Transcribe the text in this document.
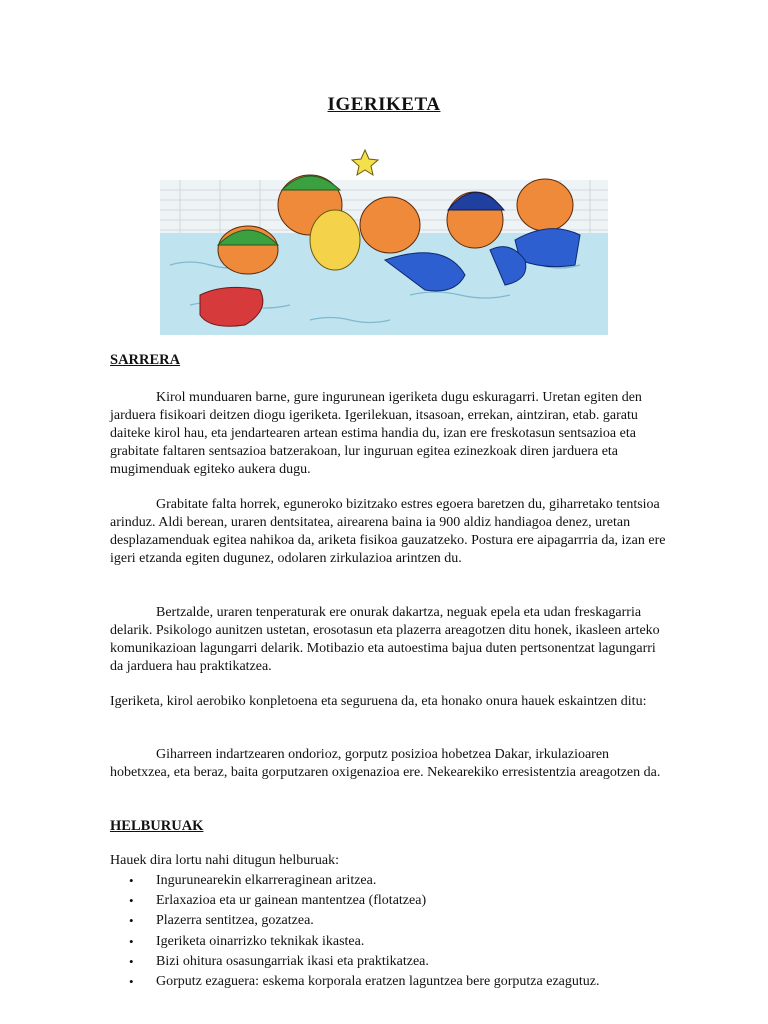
IGERIKETA
SARRERA
Kirol munduaren barne, gure ingurunean igeriketa dugu eskuragarri. Uretan egiten den jarduera fisikoari deitzen diogu igeriketa. Igerilekuan, itsasoan, errekan, aintziran, etab. garatu daiteke kirol hau, eta jendartearen artean estima handia du, izan ere freskotasun sentsazioa eta grabitate faltaren sentsazioa batzerakoan, lur inguruan egitea ezinezkoak diren jarduera eta mugimenduak egiteko aukera dugu.
Grabitate falta horrek, eguneroko bizitzako estres egoera baretzen du, giharretako tentsioa arinduz. Aldi berean, uraren dentsitatea, airearena baina ia 900 aldiz handiagoa denez, uretan desplazamenduak egitea nahikoa da, ariketa fisikoa gauzatzeko. Postura ere aipagarrria da, izan ere igeri etzanda egiten dugunez, odolaren zirkulazioa arintzen du.
Bertzalde, uraren tenperaturak ere onurak dakartza, neguak epela eta udan freskagarria delarik. Psikologo aunitzen ustetan, erosotasun eta plazerra areagotzen ditu honek, ikasleen arteko komunikazioan lagungarri delarik. Motibazio eta autoestima bajua duten pertsonentzat lagungarri da jarduera hau praktikatzea.
Igeriketa, kirol aerobiko konpletoena eta seguruena da, eta honako onura hauek eskaintzen ditu:
Giharreen indartzearen ondorioz, gorputz posizioa hobetzea Dakar, irkulazioaren hobetxzea, eta beraz, baita gorputzaren oxigenazioa ere. Nekearekiko erresistentzia areagotzen da.
HELBURUAK
Hauek dira lortu nahi ditugun helburuak:
• Ingurunearekin elkarreraginean aritzea.
• Erlaxazioa eta ur gainean mantentzea (flotatzea)
• Plazerra sentitzea, gozatzea.
• Igeriketa oinarrizko teknikak ikastea.
• Bizi ohitura osasungarriak ikasi eta praktikatzea.
• Gorputz ezaguera: eskema korporala eratzen laguntzea bere gorputza ezagutuz.
